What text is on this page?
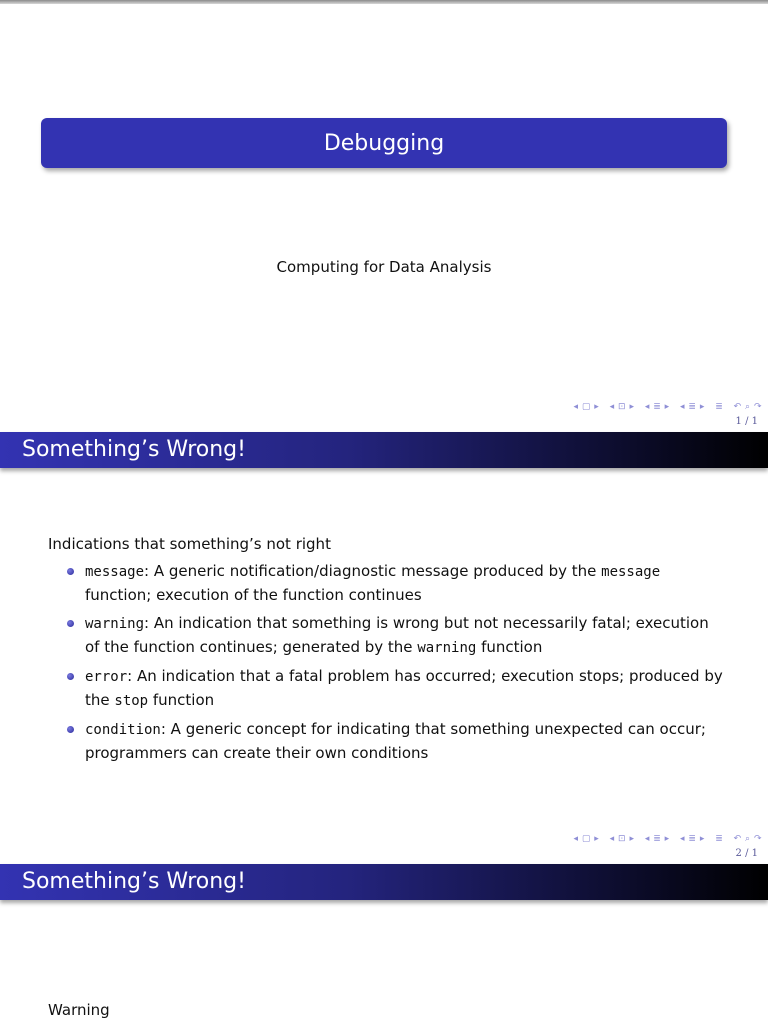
Debugging
Computing for Data Analysis
◂ ▢ ▸ ◂ ⊡ ▸ ◂ ≣ ▸ ◂ ≣ ▸ ≣ ↶ ⌕ ↷
1 / 1
Something’s Wrong!
Indications that something’s not right
message: A generic notification/diagnostic message produced by the message function; execution of the function continues
warning: An indication that something is wrong but not necessarily fatal; execution of the function continues; generated by the warning function
error: An indication that a fatal problem has occurred; execution stops; produced by the stop function
condition: A generic concept for indicating that something unexpected can occur; programmers can create their own conditions
◂ ▢ ▸ ◂ ⊡ ▸ ◂ ≣ ▸ ◂ ≣ ▸ ≣ ↶ ⌕ ↷
2 / 1
Something’s Wrong!
Warning
